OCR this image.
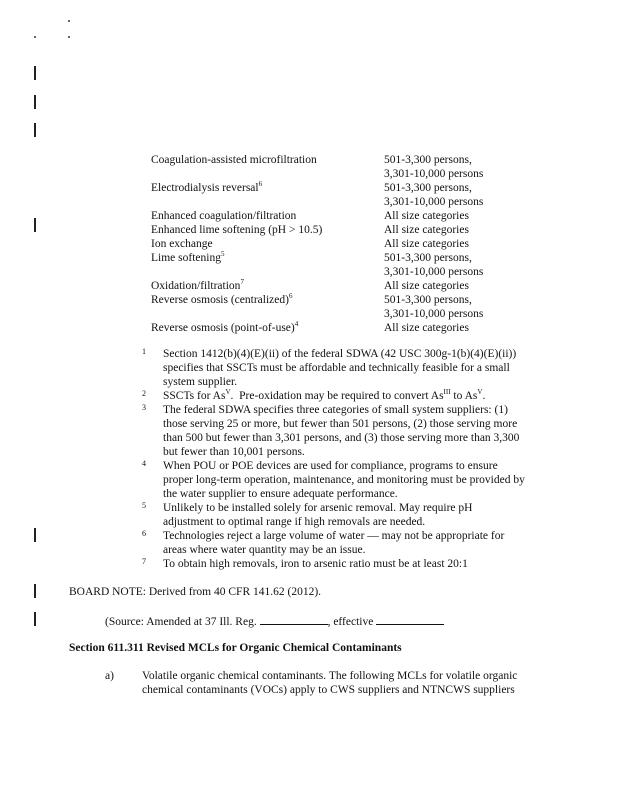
Coagulation-assisted microfiltration	501-3,300 persons,
3,301-10,000 persons
Electrodialysis reversal$^6$	501-3,300 persons,
3,301-10,000 persons
Enhanced coagulation/filtration	All size categories
Enhanced lime softening (pH > 10.5)	All size categories
Ion exchange	All size categories
Lime softening$^5$	501-3,300 persons,
3,301-10,000 persons
Oxidation/filtration$^7$	All size categories
Reverse osmosis (centralized)$^6$	501-3,300 persons,
3,301-10,000 persons
Reverse osmosis (point-of-use)$^4$	All size categories
1 Section 1412(b)(4)(E)(ii) of the federal SDWA (42 USC 300g-1(b)(4)(E)(ii))
specifies that SSCTs must be affordable and technically feasible for a small
system supplier.
2 SSCTs for $As^V$.  Pre-oxidation may be required to convert $As^{III}$ to $As^V$.
3 The federal SDWA specifies three categories of small system suppliers: (1)
those serving 25 or more, but fewer than 501 persons, (2) those serving more
than 500 but fewer than 3,301 persons, and (3) those serving more than 3,300
but fewer than 10,001 persons.
4 When POU or POE devices are used for compliance, programs to ensure
proper long-term operation, maintenance, and monitoring must be provided by
the water supplier to ensure adequate performance.
5 Unlikely to be installed solely for arsenic removal. May require pH
adjustment to optimal range if high removals are needed.
6 Technologies reject a large volume of water — may not be appropriate for
areas where water quantity may be an issue.
7 To obtain high removals, iron to arsenic ratio must be at least 20:1
BOARD NOTE: Derived from 40 CFR 141.62 (2012).
(Source: Amended at 37 Ill. Reg.	, effective
Section 611.311 Revised MCLs for Organic Chemical Contaminants
a) Volatile organic chemical contaminants. The following MCLs for volatile organic
chemical contaminants (VOCs) apply to CWS suppliers and NTNCWS suppliers
